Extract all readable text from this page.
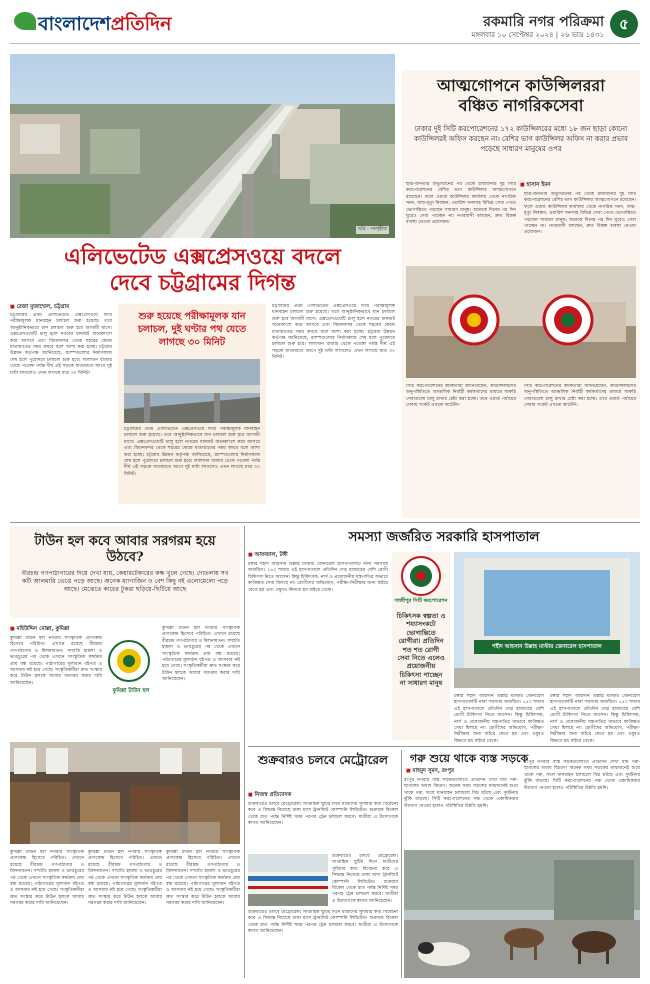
বাংলাদেশপ্রতিদিন	রকমারি নগর পরিক্রমা
মঙ্গলবার ১০ সেপ্টেম্বর ২০২৪ | ২৬ ভাদ্র ১৪৩১
৫
ছবি : সংগৃহীত
এলিভেটেড এক্সপ্রেসওয়ে বদলে
দেবে চট্টগ্রামের দিগন্ত
■ রেজা মুজাম্মেল, চট্টগ্রাম
চট্টগ্রামের প্রথম এলিভেটেড এক্সপ্রেসওয়ে দিয়ে পরীক্ষামূলক যানবাহন চলাচল শুরু হয়েছে। তবে আনুষ্ঠানিকভাবে যান চলাচল শুরু হবে আগামী মাসে। এক্সপ্রেসওয়েটি চালু হলে নগরের যানজট অনেকাংশে কমে আসবে এবং বিমানবন্দর থেকে শহরের কেন্দ্রে যাতায়াতের সময় কমবে বলে আশা করা হচ্ছে। চট্টগ্রাম উন্নয়ন কর্তৃপক্ষ জানিয়েছে, র‍্যাম্পগুলোর নির্মাণকাজ শেষ হলে পুরোদমে চলাচল শুরু হবে। লালখান বাজার থেকে পতেঙ্গা পর্যন্ত দীর্ঘ এই সড়কে যাতায়াতে আগে দুই ঘণ্টা লাগলেও এখন লাগছে মাত্র ৩০ মিনিট।
শুরু হয়েছে পরীক্ষামূলক যান চলাচল, দুই ঘণ্টার পথ যেতে লাগছে ৩০ মিনিট
চট্টগ্রামের প্রথম এলিভেটেড এক্সপ্রেসওয়ে দিয়ে পরীক্ষামূলক যানবাহন চলাচল শুরু হয়েছে। তবে আনুষ্ঠানিকভাবে যান চলাচল শুরু হবে আগামী মাসে। এক্সপ্রেসওয়েটি চালু হলে নগরের যানজট অনেকাংশে কমে আসবে এবং বিমানবন্দর থেকে শহরের কেন্দ্রে যাতায়াতের সময় কমবে বলে আশা করা হচ্ছে। চট্টগ্রাম উন্নয়ন কর্তৃপক্ষ জানিয়েছে, র‍্যাম্পগুলোর নির্মাণকাজ শেষ হলে পুরোদমে চলাচল শুরু হবে। লালখান বাজার থেকে পতেঙ্গা পর্যন্ত দীর্ঘ এই সড়কে যাতায়াতে আগে দুই ঘণ্টা লাগলেও এখন লাগছে মাত্র ৩০ মিনিট।
চট্টগ্রামের প্রথম এলিভেটেড এক্সপ্রেসওয়ে দিয়ে পরীক্ষামূলক যানবাহন চলাচল শুরু হয়েছে। তবে আনুষ্ঠানিকভাবে যান চলাচল শুরু হবে আগামী মাসে। এক্সপ্রেসওয়েটি চালু হলে নগরের যানজট অনেকাংশে কমে আসবে এবং বিমানবন্দর থেকে শহরের কেন্দ্রে যাতায়াতের সময় কমবে বলে আশা করা হচ্ছে। চট্টগ্রাম উন্নয়ন কর্তৃপক্ষ জানিয়েছে, র‍্যাম্পগুলোর নির্মাণকাজ শেষ হলে পুরোদমে চলাচল শুরু হবে। লালখান বাজার থেকে পতেঙ্গা পর্যন্ত দীর্ঘ এই সড়কে যাতায়াতে আগে দুই ঘণ্টা লাগলেও এখন লাগছে মাত্র ৩০ মিনিট।
আত্মগোপনে কাউন্সিলররা
বঞ্চিত নাগরিকসেবা
ঢাকার দুই সিটি করপোরেশনের ১৭২ কাউন্সিলরের মধ্যে ১৮ জন ছাড়া কোনো কাউন্সিলরই অফিস করছেন না। বেশির ভাগ কাউন্সিলর অফিস না করার প্রভাব পড়েছে সাধারণ মানুষের ওপর
■ হাসান ইমন
ছাত্র-জনতার অভ্যুত্থানের পর থেকে রাজধানীর দুই সিটি করপোরেশনের বেশির ভাগ কাউন্সিলর আত্মগোপনে রয়েছেন। ফলে ওয়ার্ড কাউন্সিলর কার্যালয় থেকে নাগরিক সনদ, জন্ম-মৃত্যু নিবন্ধন, ওয়ারিশ সনদসহ বিভিন্ন সেবা পেতে ভোগান্তিতে পড়ছেন সাধারণ মানুষ। অনেকে দিনের পর দিন ঘুরেও সেবা পাচ্ছেন না। নগরবাসী বলছেন, দ্রুত বিকল্প ব্যবস্থা নেওয়া প্রয়োজন।
ছাত্র-জনতার অভ্যুত্থানের পর থেকে রাজধানীর দুই সিটি করপোরেশনের বেশির ভাগ কাউন্সিলর আত্মগোপনে রয়েছেন। ফলে ওয়ার্ড কাউন্সিলর কার্যালয় থেকে নাগরিক সনদ, জন্ম-মৃত্যু নিবন্ধন, ওয়ারিশ সনদসহ বিভিন্ন সেবা পেতে ভোগান্তিতে পড়ছেন সাধারণ মানুষ। অনেকে দিনের পর দিন ঘুরেও সেবা পাচ্ছেন না। নগরবাসী বলছেন, দ্রুত বিকল্প ব্যবস্থা নেওয়া প্রয়োজন।
সিটি করপোরেশনের কর্মকর্তারা জানিয়েছেন, কাউন্সিলরদের অনুপস্থিতিতে আঞ্চলিক নির্বাহী কর্মকর্তাদের মাধ্যমে জরুরি সেবাগুলো চালু রাখার চেষ্টা করা হচ্ছে। তবে ওয়ার্ড পর্যায়ের সেবায় সংকট এখনো কাটেনি।
সিটি করপোরেশনের কর্মকর্তারা জানিয়েছেন, কাউন্সিলরদের অনুপস্থিতিতে আঞ্চলিক নির্বাহী কর্মকর্তাদের মাধ্যমে জরুরি সেবাগুলো চালু রাখার চেষ্টা করা হচ্ছে। তবে ওয়ার্ড পর্যায়ের সেবায় সংকট এখনো কাটেনি।
টাউন হল কবে আবার সরগরম হয়ে উঠবে?
বীরচন্দ্র গণপাঠাগারের দিয়ে দেখা যায়, কেয়ারটেকারের কক্ষ খুলে গেছে। দোতলায় সব কটি আলমারি ভেঙে পড়ে আছে। অনেক ম্যাগাজিন ও বেশ কিছু বই এলোমেলো পড়ে আছে। মেঝেতে কাচের টুকরা ছড়িয়ে-ছিটিয়ে আছে
■ মহিউদ্দিন মোল্লা, কুমিল্লা
কুমিল্লা টাউন হল নগরীর সাংস্কৃতিক প্রাণকেন্দ্র হিসেবে পরিচিত। এখানে রয়েছে বীরচন্দ্র গণপাঠাগার ও মিলনায়তন। সম্প্রতি হামলা ও ভাঙচুরের পর থেকে এখানে সাংস্কৃতিক কার্যক্রম প্রায় বন্ধ রয়েছে। পাঠাগারের মূল্যবান বইপত্র ও আসবাব নষ্ট হয়ে গেছে। সংস্কৃতিকর্মীরা দ্রুত সংস্কার করে টাউন হলকে আবার সরগরম করার দাবি জানিয়েছেন।
কুমিল্লা টাউন হল
কুমিল্লা টাউন হল নগরীর সাংস্কৃতিক প্রাণকেন্দ্র হিসেবে পরিচিত। এখানে রয়েছে বীরচন্দ্র গণপাঠাগার ও মিলনায়তন। সম্প্রতি হামলা ও ভাঙচুরের পর থেকে এখানে সাংস্কৃতিক কার্যক্রম প্রায় বন্ধ রয়েছে। পাঠাগারের মূল্যবান বইপত্র ও আসবাব নষ্ট হয়ে গেছে। সংস্কৃতিকর্মীরা দ্রুত সংস্কার করে টাউন হলকে আবার সরগরম করার দাবি জানিয়েছেন।
কুমিল্লা টাউন হল নগরীর সাংস্কৃতিক প্রাণকেন্দ্র হিসেবে পরিচিত। এখানে রয়েছে বীরচন্দ্র গণপাঠাগার ও মিলনায়তন। সম্প্রতি হামলা ও ভাঙচুরের পর থেকে এখানে সাংস্কৃতিক কার্যক্রম প্রায় বন্ধ রয়েছে। পাঠাগারের মূল্যবান বইপত্র ও আসবাব নষ্ট হয়ে গেছে। সংস্কৃতিকর্মীরা দ্রুত সংস্কার করে টাউন হলকে আবার সরগরম করার দাবি জানিয়েছেন।
কুমিল্লা টাউন হল নগরীর সাংস্কৃতিক প্রাণকেন্দ্র হিসেবে পরিচিত। এখানে রয়েছে বীরচন্দ্র গণপাঠাগার ও মিলনায়তন। সম্প্রতি হামলা ও ভাঙচুরের পর থেকে এখানে সাংস্কৃতিক কার্যক্রম প্রায় বন্ধ রয়েছে। পাঠাগারের মূল্যবান বইপত্র ও আসবাব নষ্ট হয়ে গেছে। সংস্কৃতিকর্মীরা দ্রুত সংস্কার করে টাউন হলকে আবার সরগরম করার দাবি জানিয়েছেন।
কুমিল্লা টাউন হল নগরীর সাংস্কৃতিক প্রাণকেন্দ্র হিসেবে পরিচিত। এখানে রয়েছে বীরচন্দ্র গণপাঠাগার ও মিলনায়তন। সম্প্রতি হামলা ও ভাঙচুরের পর থেকে এখানে সাংস্কৃতিক কার্যক্রম প্রায় বন্ধ রয়েছে। পাঠাগারের মূল্যবান বইপত্র ও আসবাব নষ্ট হয়ে গেছে। সংস্কৃতিকর্মীরা দ্রুত সংস্কার করে টাউন হলকে আবার সরগরম করার দাবি জানিয়েছেন।
সমস্যা জর্জরিত সরকারি হাসপাতাল
■ আফজাল, টঙ্গী
টঙ্গীর শহীদ আহসান উল্লাহ মাস্টার জেনারেল হাসপাতালটি নানা সমস্যায় জর্জরিত। ২৫০ শয্যার এই হাসপাতালে প্রতিদিন দেড় হাজারের বেশি রোগী চিকিৎসা নিতে আসেন। কিন্তু চিকিৎসক, নার্স ও প্রয়োজনীয় যন্ত্রপাতির অভাবে কাঙ্ক্ষিত সেবা মিলছে না। রোগীদের অভিযোগ, পরীক্ষা-নিরীক্ষার জন্য বাইরে যেতে হয় এবং ওষুধও কিনতে হয় বাইরে থেকে।
গাজীপুর সিটি করপোরেশন
চিকিৎসক স্বল্পতা ও শয্যাসংকটে ভোগান্তিতে রোগীরা। প্রতিদিন শত শত রোগী সেবা নিতে এলেও প্রয়োজনীয় চিকিৎসা পাচ্ছেন না সাধারণ মানুষ
শহীদ আহসান উল্লাহ মাস্টার জেনারেল হাসপাতাল
টঙ্গীর শহীদ আহসান উল্লাহ মাস্টার জেনারেল হাসপাতালটি নানা সমস্যায় জর্জরিত। ২৫০ শয্যার এই হাসপাতালে প্রতিদিন দেড় হাজারের বেশি রোগী চিকিৎসা নিতে আসেন। কিন্তু চিকিৎসক, নার্স ও প্রয়োজনীয় যন্ত্রপাতির অভাবে কাঙ্ক্ষিত সেবা মিলছে না। রোগীদের অভিযোগ, পরীক্ষা-নিরীক্ষার জন্য বাইরে যেতে হয় এবং ওষুধও কিনতে হয় বাইরে থেকে।
টঙ্গীর শহীদ আহসান উল্লাহ মাস্টার জেনারেল হাসপাতালটি নানা সমস্যায় জর্জরিত। ২৫০ শয্যার এই হাসপাতালে প্রতিদিন দেড় হাজারের বেশি রোগী চিকিৎসা নিতে আসেন। কিন্তু চিকিৎসক, নার্স ও প্রয়োজনীয় যন্ত্রপাতির অভাবে কাঙ্ক্ষিত সেবা মিলছে না। রোগীদের অভিযোগ, পরীক্ষা-নিরীক্ষার জন্য বাইরে যেতে হয় এবং ওষুধও কিনতে হয় বাইরে থেকে।
শুক্রবারও চলবে মেট্রোরেল
■ নিজস্ব প্রতিবেদক
শুক্রবারেও চলবে মেট্রোরেল। সাপ্তাহিক ছুটির দিনে যাত্রীদের সুবিধার কথা বিবেচনা করে এ সিদ্ধান্ত নিয়েছে ঢাকা ম্যাস ট্রানজিট কোম্পানি লিমিটেড। শুক্রবার বিকেল থেকে রাত পর্যন্ত নির্দিষ্ট সময় পরপর ট্রেন চলাচল করবে। যাত্রীরা এ উদ্যোগকে স্বাগত জানিয়েছেন।
শুক্রবারেও চলবে মেট্রোরেল। সাপ্তাহিক ছুটির দিনে যাত্রীদের সুবিধার কথা বিবেচনা করে এ সিদ্ধান্ত নিয়েছে ঢাকা ম্যাস ট্রানজিট কোম্পানি লিমিটেড। শুক্রবার বিকেল থেকে রাত পর্যন্ত নির্দিষ্ট সময় পরপর ট্রেন চলাচল করবে। যাত্রীরা এ উদ্যোগকে স্বাগত জানিয়েছেন।
শুক্রবারেও চলবে মেট্রোরেল। সাপ্তাহিক ছুটির দিনে যাত্রীদের সুবিধার কথা বিবেচনা করে এ সিদ্ধান্ত নিয়েছে ঢাকা ম্যাস ট্রানজিট কোম্পানি লিমিটেড। শুক্রবার বিকেল থেকে রাত পর্যন্ত নির্দিষ্ট সময় পরপর ট্রেন চলাচল করবে। যাত্রীরা এ উদ্যোগকে স্বাগত জানিয়েছেন।
গরু শুয়ে থাকে ব্যস্ত সড়কে
■ মাহমুদ সুমন, রংপুর
রংপুর নগরীর ব্যস্ত সড়কগুলোতে প্রতিদিন দেখা যায় গরু-ছাগলের অবাধ বিচরণ। অনেক সময় সড়কের মাঝখানেই শুয়ে থাকে গরু, ফলে যানবাহন চলাচলে বিঘ্ন ঘটছে এবং দুর্ঘটনার ঝুঁকি বাড়ছে। সিটি করপোরেশনের পক্ষ থেকে একাধিকবার উদ্যোগ নেওয়া হলেও পরিস্থিতির উন্নতি হয়নি।
রংপুর নগরীর ব্যস্ত সড়কগুলোতে প্রতিদিন দেখা যায় গরু-ছাগলের অবাধ বিচরণ। অনেক সময় সড়কের মাঝখানেই শুয়ে থাকে গরু, ফলে যানবাহন চলাচলে বিঘ্ন ঘটছে এবং দুর্ঘটনার ঝুঁকি বাড়ছে। সিটি করপোরেশনের পক্ষ থেকে একাধিকবার উদ্যোগ নেওয়া হলেও পরিস্থিতির উন্নতি হয়নি।
